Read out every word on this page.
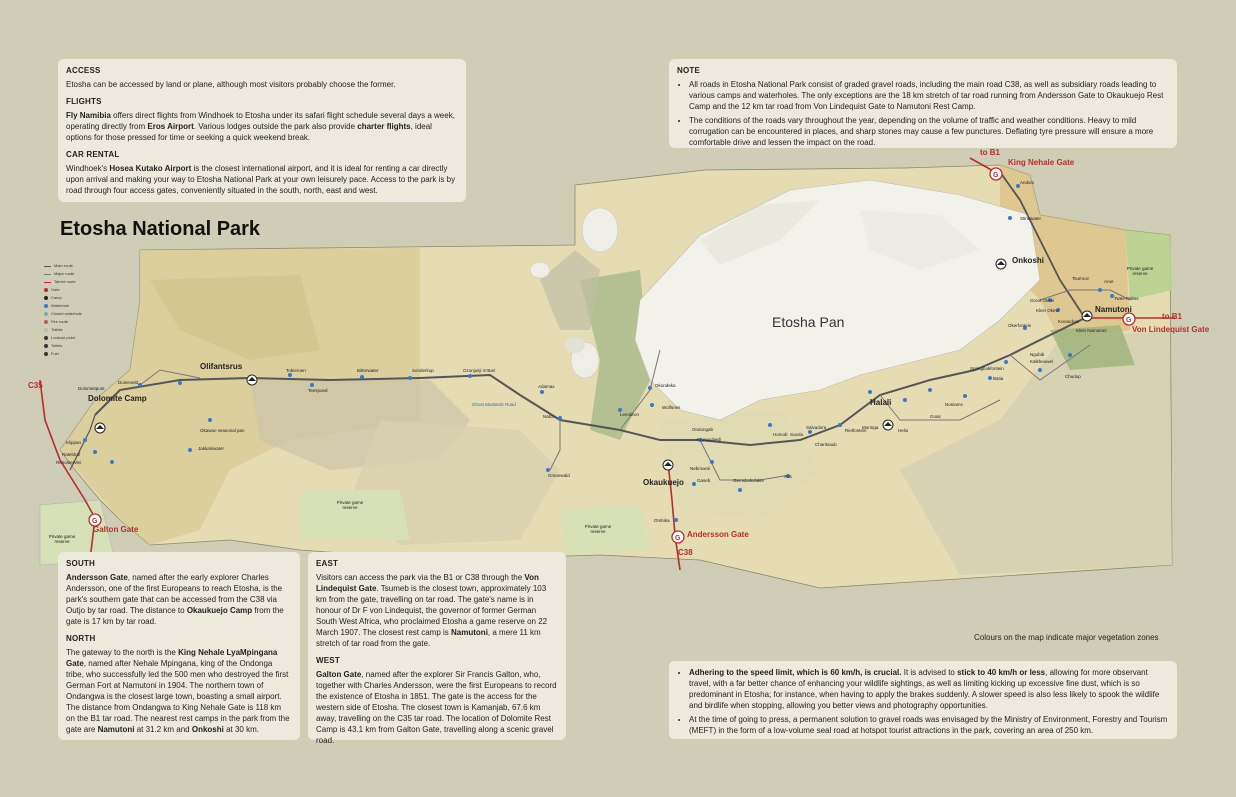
G
G
G
G
Etosha National Park
Etosha Pan
King Nehale Gate
to B1
to B1
Von Lindequist Gate
Andersson Gate
C38
Galton Gate
C35
Dolomite Camp
Olifantsrus
Okaukuejo
Halali
Onkoshi
Namutoni
Dolomietpunt
Duineveld
Klippan
Rateldraf
Renostervlei
Jakkalswater
Okawao seasonal pan
Tobieroen
Teespoed
Bitterwater	Sonderkop	Ozonjuitji m'Bari
Adamax
Natco	Leeubron
Okondeka
Wolfsnes
Gemsbokvlakte
Aus
Nebrownii
Ombika
Gaseb
Homob Sueda
Salvadora
Charitsaub
Rietfontein	Helio
Goas
Noniams
Batia
Springbokfontein
Kalkheuwel
Chudop
Klein Namutoni
Koinachas
Tsumcor
Aroe
Twee Palms
Groot Okevi
Klein Okevi
Stinkwater
Andoni
Ngobib
Okerfontein
Ondongab
Kapupuhedi
Grünewald
Moringa
Private game reserve
Private game reserve
Private game reserve
Private game reserve
Ghost Mustards Road
Main route
Major route
Tarred route
Gate
Camp
Waterhole
Closed waterhole
Fire route
Tidbits
Lookout point
Toilets
Fuel
Colours on the map indicate major vegetation zones
ACCESS

Etosha can be accessed by land or plane, although most visitors probably choose the former.

FLIGHTS

Fly Namibia offers direct flights from Windhoek to Etosha under its safari flight schedule several days a week, operating directly from Eros Airport. Various lodges outside the park also provide charter flights, ideal options for those pressed for time or seeking a quick weekend break.

CAR RENTAL

Windhoek's Hosea Kutako Airport is the closest international airport, and it is ideal for renting a car directly upon arrival and making your way to Etosha National Park at your own leisurely pace. Access to the park is by road through four access gates, conveniently situated in the south, north, east and west.

NOTE
• All roads in Etosha National Park consist of graded gravel roads, including the main road C38, as well as subsidiary roads leading to various camps and waterholes. The only exceptions are the 18 km stretch of tar road running from Andersson Gate to Okaukuejo Rest Camp and the 12 km tar road from Von Lindequist Gate to Namutoni Rest Camp.
• The conditions of the roads vary throughout the year, depending on the volume of traffic and weather conditions. Heavy to mild corrugation can be encountered in places, and sharp stones may cause a few punctures. Deflating tyre pressure will ensure a more comfortable drive and lessen the impact on the road.
SOUTH

Andersson Gate, named after the early explorer Charles Andersson, one of the first Europeans to reach Etosha, is the park's southern gate that can be accessed from the C38 via Outjo by tar road. The distance to Okaukuejo Camp from the gate is 17 km by tar road.

NORTH

The gateway to the north is the King Nehale LyaMpingana Gate, named after Nehale Mpingana, king of the Ondonga tribe, who successfully led the 500 men who destroyed the first German Fort at Namutoni in 1904. The northern town of Ondangwa is the closest large town, boasting a small airport. The distance from Ondangwa to King Nehale Gate is 118 km on the B1 tar road. The nearest rest camps in the park from the gate are Namutoni at 31.2 km and Onkoshi at 30 km.

EAST

Visitors can access the park via the B1 or C38 through the Von Lindequist Gate. Tsumeb is the closest town, approximately 103 km from the gate, travelling on tar road. The gate's name is in honour of Dr F von Lindequist, the governor of former German South West Africa, who proclaimed Etosha a game reserve on 22 March 1907. The closest rest camp is Namutoni, a mere 11 km stretch of tar road from the gate.

WEST

Galton Gate, named after the explorer Sir Francis Galton, who, together with Charles Andersson, were the first Europeans to record the existence of Etosha in 1851. The gate is the access for the western side of Etosha. The closest town is Kamanjab, 67.6 km away, travelling on the C35 tar road. The location of Dolomite Rest Camp is 43.1 km from Galton Gate, travelling along a scenic gravel road.

• Adhering to the speed limit, which is 60 km/h, is crucial. It is advised to stick to 40 km/h or less, allowing for more observant travel, with a far better chance of enhancing your wildlife sightings, as well as limiting kicking up excessive fine dust, which is so predominant in Etosha; for instance, when having to apply the brakes suddenly. A slower speed is also less likely to spook the wildlife and birdlife when stopping, allowing you better views and photography opportunities.
• At the time of going to press, a permanent solution to gravel roads was envisaged by the Ministry of Environment, Forestry and Tourism (MEFT) in the form of a low-volume seal road at hotspot tourist attractions in the park, covering an area of 250 km.
